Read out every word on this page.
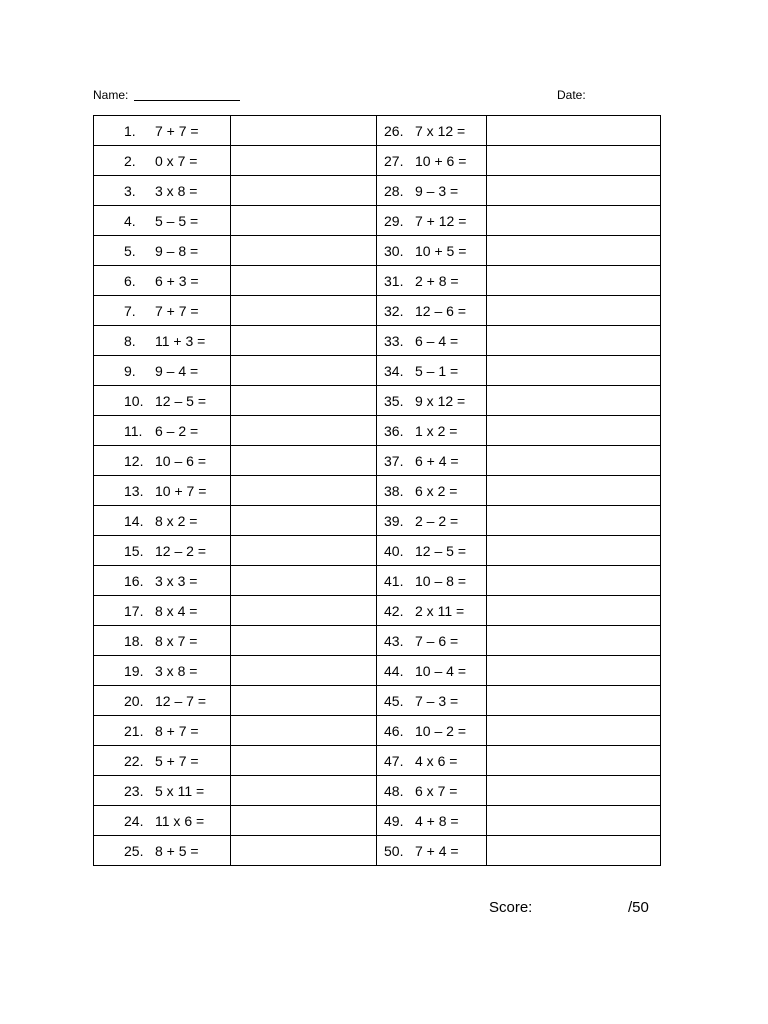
Name:	Date:
1. 7 + 7 =		26.7 x 12 =	
2. 0 x 7 =		27. 10 + 6 =	
3. 3 x 8 =		28. 9 – 3 =	
4. 5 – 5 =		29. 7 + 12 =	
5. 9 – 8 =		30. 10 + 5 =	
6. 6 + 3 =		31. 2 + 8 =	
7. 7 + 7 =		32. 12 – 6 =	
8. 11 + 3 =		33. 6 – 4 =	
9. 9 – 4 =		34. 5 – 1 =	
10. 12 – 5 =		35. 9 x 12 =	
11. 6 – 2 =		36. 1 x 2 =	
12. 10 – 6 =		37. 6 + 4 =	
13. 10 + 7 =		38. 6 x 2 =	
14. 8 x 2 =		39. 2 – 2 =	
15. 12 – 2 =		40. 12 – 5 =	
16. 3 x 3 =		41. 10 – 8 =	
17. 8 x 4 =		42. 2 x 11 =	
18. 8 x 7 =		43. 7 – 6 =	
19. 3 x 8 =		44. 10 – 4 =	
20. 12 – 7 =		45. 7 – 3 =	
21. 8 + 7 =		46. 10 – 2 =	
22. 5 + 7 =		47. 4 x 6 =	
23. 5 x 11 =		48. 6 x 7 =	
24. 11 x 6 =		49. 4 + 8 =	
25. 8 + 5 =		50. 7 + 4 =	
Score:	/50
